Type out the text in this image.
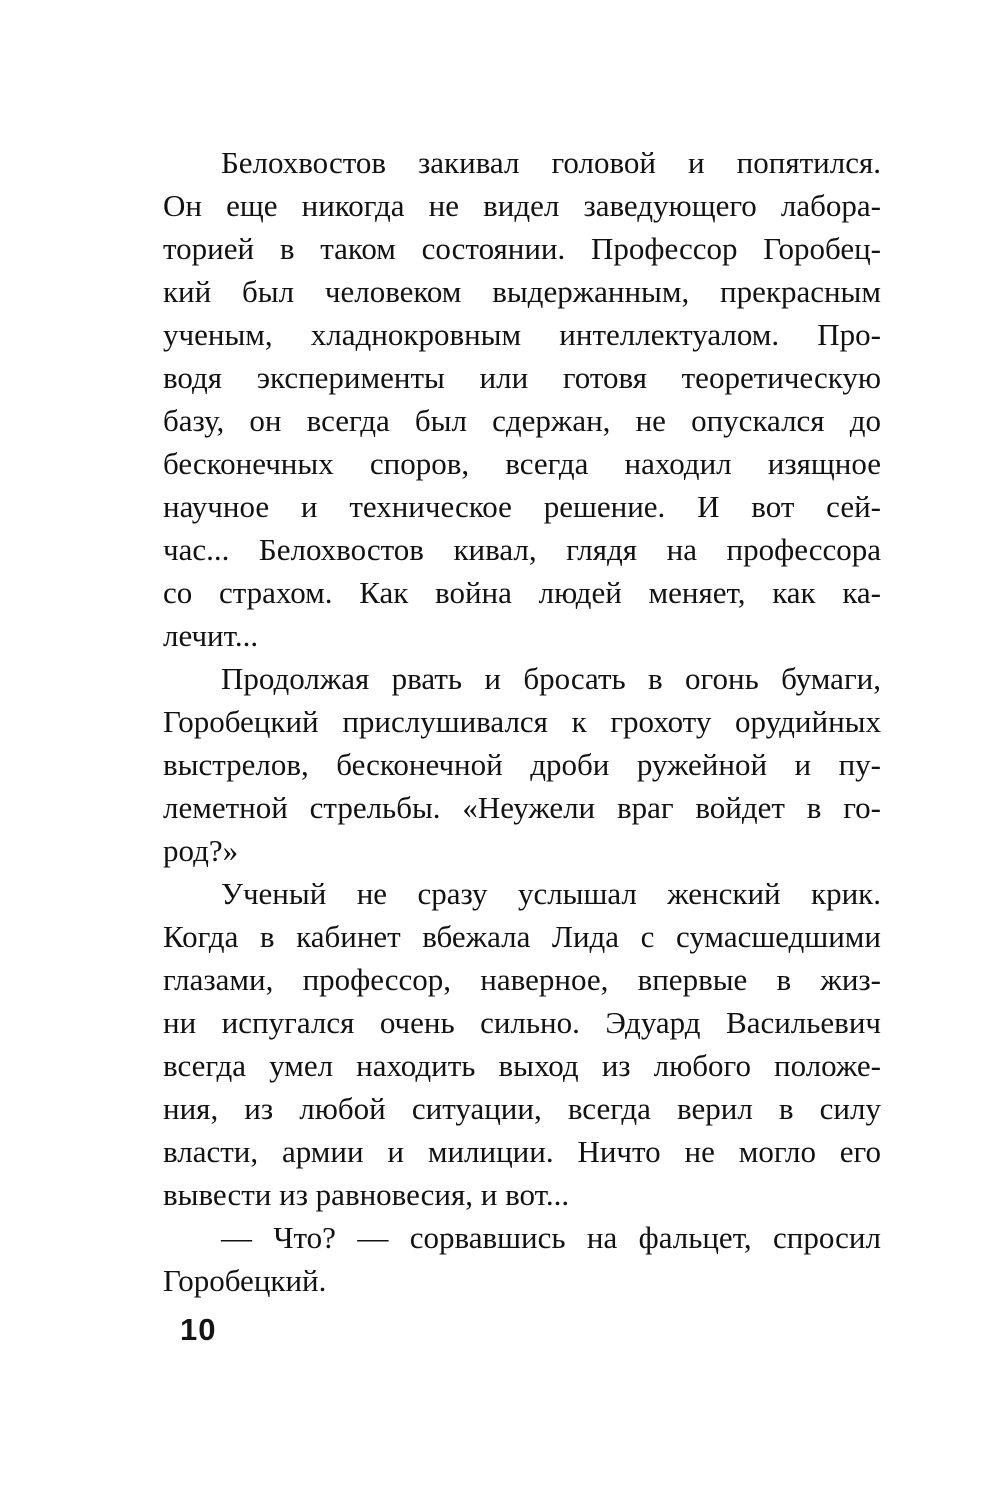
Белохвостов закивал головой и попятился.
Он еще никогда не видел заведующего лабора-
торией в таком состоянии. Профессор Горобец-
кий был человеком выдержанным, прекрасным
ученым, хладнокровным интеллектуалом. Про-
водя эксперименты или готовя теоретическую
базу, он всегда был сдержан, не опускался до
бесконечных споров, всегда находил изящное
научное и техническое решение. И вот сей-
час... Белохвостов кивал, глядя на профессора
со страхом. Как война людей меняет, как ка-
лечит...
Продолжая рвать и бросать в огонь бумаги,
Горобецкий прислушивался к грохоту орудийных
выстрелов, бесконечной дроби ружейной и пу-
леметной стрельбы. «Неужели враг войдет в го-
род?»
Ученый не сразу услышал женский крик.
Когда в кабинет вбежала Лида с сумасшедшими
глазами, профессор, наверное, впервые в жиз-
ни испугался очень сильно. Эдуард Васильевич
всегда умел находить выход из любого положе-
ния, из любой ситуации, всегда верил в силу
власти, армии и милиции. Ничто не могло его
вывести из равновесия, и вот...
— Что? — сорвавшись на фальцет, спросил
Горобецкий.
10
